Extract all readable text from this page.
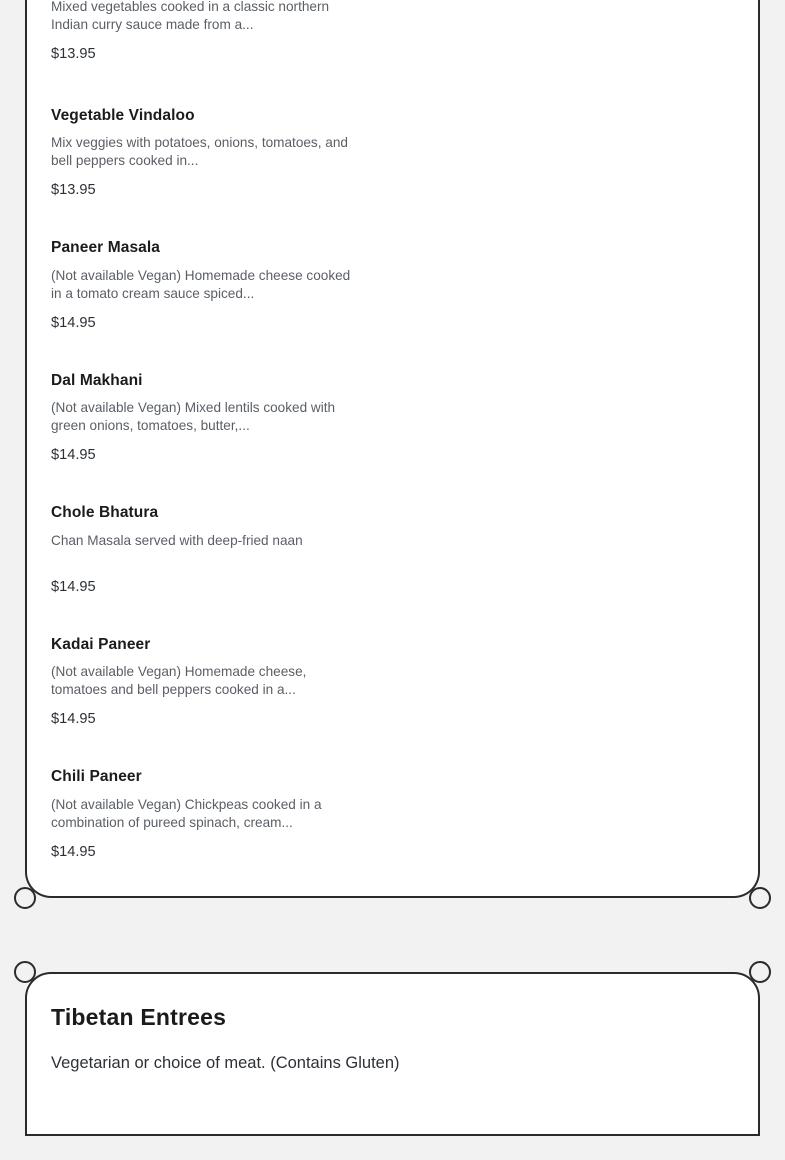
Mixed vegetables cooked in a classic northern Indian curry sauce made from a...
$13.95
Vegetable Vindaloo
Mix veggies with potatoes, onions, tomatoes, and bell peppers cooked in...
$13.95
Paneer Masala
(Not available Vegan) Homemade cheese cooked in a tomato cream sauce spiced...
$14.95
Dal Makhani
(Not available Vegan) Mixed lentils cooked with green onions, tomatoes, butter,...
$14.95
Chole Bhatura
Chan Masala served with deep-fried naan
$14.95
Kadai Paneer
(Not available Vegan) Homemade cheese, tomatoes and bell peppers cooked in a...
$14.95
Chili Paneer
(Not available Vegan) Chickpeas cooked in a combination of pureed spinach, cream...
$14.95
Tibetan Entrees

Vegetarian or choice of meat. (Contains Gluten)
